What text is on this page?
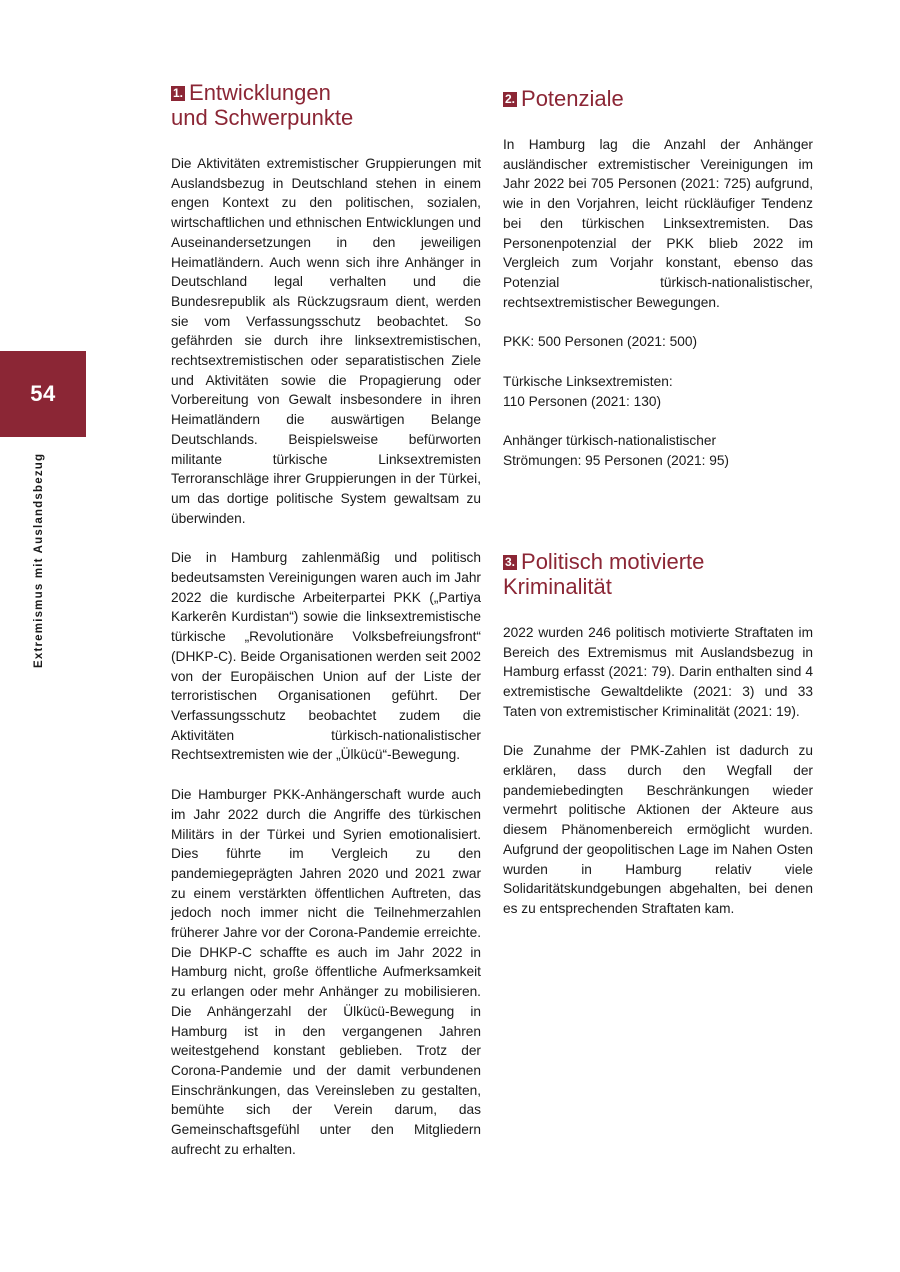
54
Extremismus mit Auslandsbezug
1. Entwicklungen
und Schwerpunkte

Die Aktivitäten extremistischer Gruppierungen mit Auslandsbezug in Deutschland stehen in einem engen Kontext zu den politischen, sozialen, wirtschaftlichen und ethnischen Entwicklungen und Auseinandersetzungen in den jeweiligen Heimatländern. Auch wenn sich ihre Anhänger in Deutschland legal verhalten und die Bundesrepublik als Rückzugsraum dient, werden sie vom Verfassungsschutz beobachtet. So gefährden sie durch ihre linksextremistischen, rechtsextremistischen oder separatistischen Ziele und Aktivitäten sowie die Propagierung oder Vorbereitung von Gewalt insbesondere in ihren Heimatländern die auswärtigen Belange Deutschlands. Beispielsweise befürworten militante türkische Linksextremisten Terroranschläge ihrer Gruppierungen in der Türkei, um das dortige politische System gewaltsam zu überwinden.

Die in Hamburg zahlenmäßig und politisch bedeutsamsten Vereinigungen waren auch im Jahr 2022 die kurdische Arbeiterpartei PKK („Partiya Karkerên Kurdistan“) sowie die linksextremistische türkische „Revolutionäre Volksbefreiungsfront“ (DHKP-C). Beide Organisationen werden seit 2002 von der Europäischen Union auf der Liste der terroristischen Organisationen geführt. Der Verfassungsschutz beobachtet zudem die Aktivitäten türkisch-nationalistischer Rechtsextremisten wie der „Ülkücü“-Bewegung.

Die Hamburger PKK-Anhängerschaft wurde auch im Jahr 2022 durch die Angriffe des türkischen Militärs in der Türkei und Syrien emotionalisiert. Dies führte im Vergleich zu den pandemiegeprägten Jahren 2020 und 2021 zwar zu einem verstärkten öffentlichen Auftreten, das jedoch noch immer nicht die Teilnehmerzahlen früherer Jahre vor der Corona-Pandemie erreichte. Die DHKP-C schaffte es auch im Jahr 2022 in Hamburg nicht, große öffentliche Aufmerksamkeit zu erlangen oder mehr Anhänger zu mobilisieren. Die Anhängerzahl der Ülkücü-Bewegung in Hamburg ist in den vergangenen Jahren weitestgehend konstant geblieben. Trotz der Corona-Pandemie und der damit verbundenen Einschränkungen, das Vereinsleben zu gestalten, bemühte sich der Verein darum, das Gemeinschaftsgefühl unter den Mitgliedern aufrecht zu erhalten.

2. Potenziale

In Hamburg lag die Anzahl der Anhänger ausländischer extremistischer Vereinigungen im Jahr 2022 bei 705 Personen (2021: 725) aufgrund, wie in den Vorjahren, leicht rückläufiger Tendenz bei den türkischen Linksextremisten. Das Personenpotenzial der PKK blieb 2022 im Vergleich zum Vorjahr konstant, ebenso das Potenzial türkisch-nationalistischer, rechtsextremistischer Bewegungen.

PKK: 500 Personen (2021: 500)

Türkische Linksextremisten:
110 Personen (2021: 130)

Anhänger türkisch-nationalistischer
Strömungen: 95 Personen (2021: 95)

3. Politisch motivierte
Kriminalität

2022 wurden 246 politisch motivierte Straftaten im Bereich des Extremismus mit Auslandsbezug in Hamburg erfasst (2021: 79). Darin enthalten sind 4 extremistische Gewaltdelikte (2021: 3) und 33 Taten von extremistischer Kriminalität (2021: 19).

Die Zunahme der PMK-Zahlen ist dadurch zu erklären, dass durch den Wegfall der pandemiebedingten Beschränkungen wieder vermehrt politische Aktionen der Akteure aus diesem Phänomenbereich ermöglicht wurden. Aufgrund der geopolitischen Lage im Nahen Osten wurden in Hamburg relativ viele Solidaritätskundgebungen abgehalten, bei denen es zu entsprechenden Straftaten kam.
